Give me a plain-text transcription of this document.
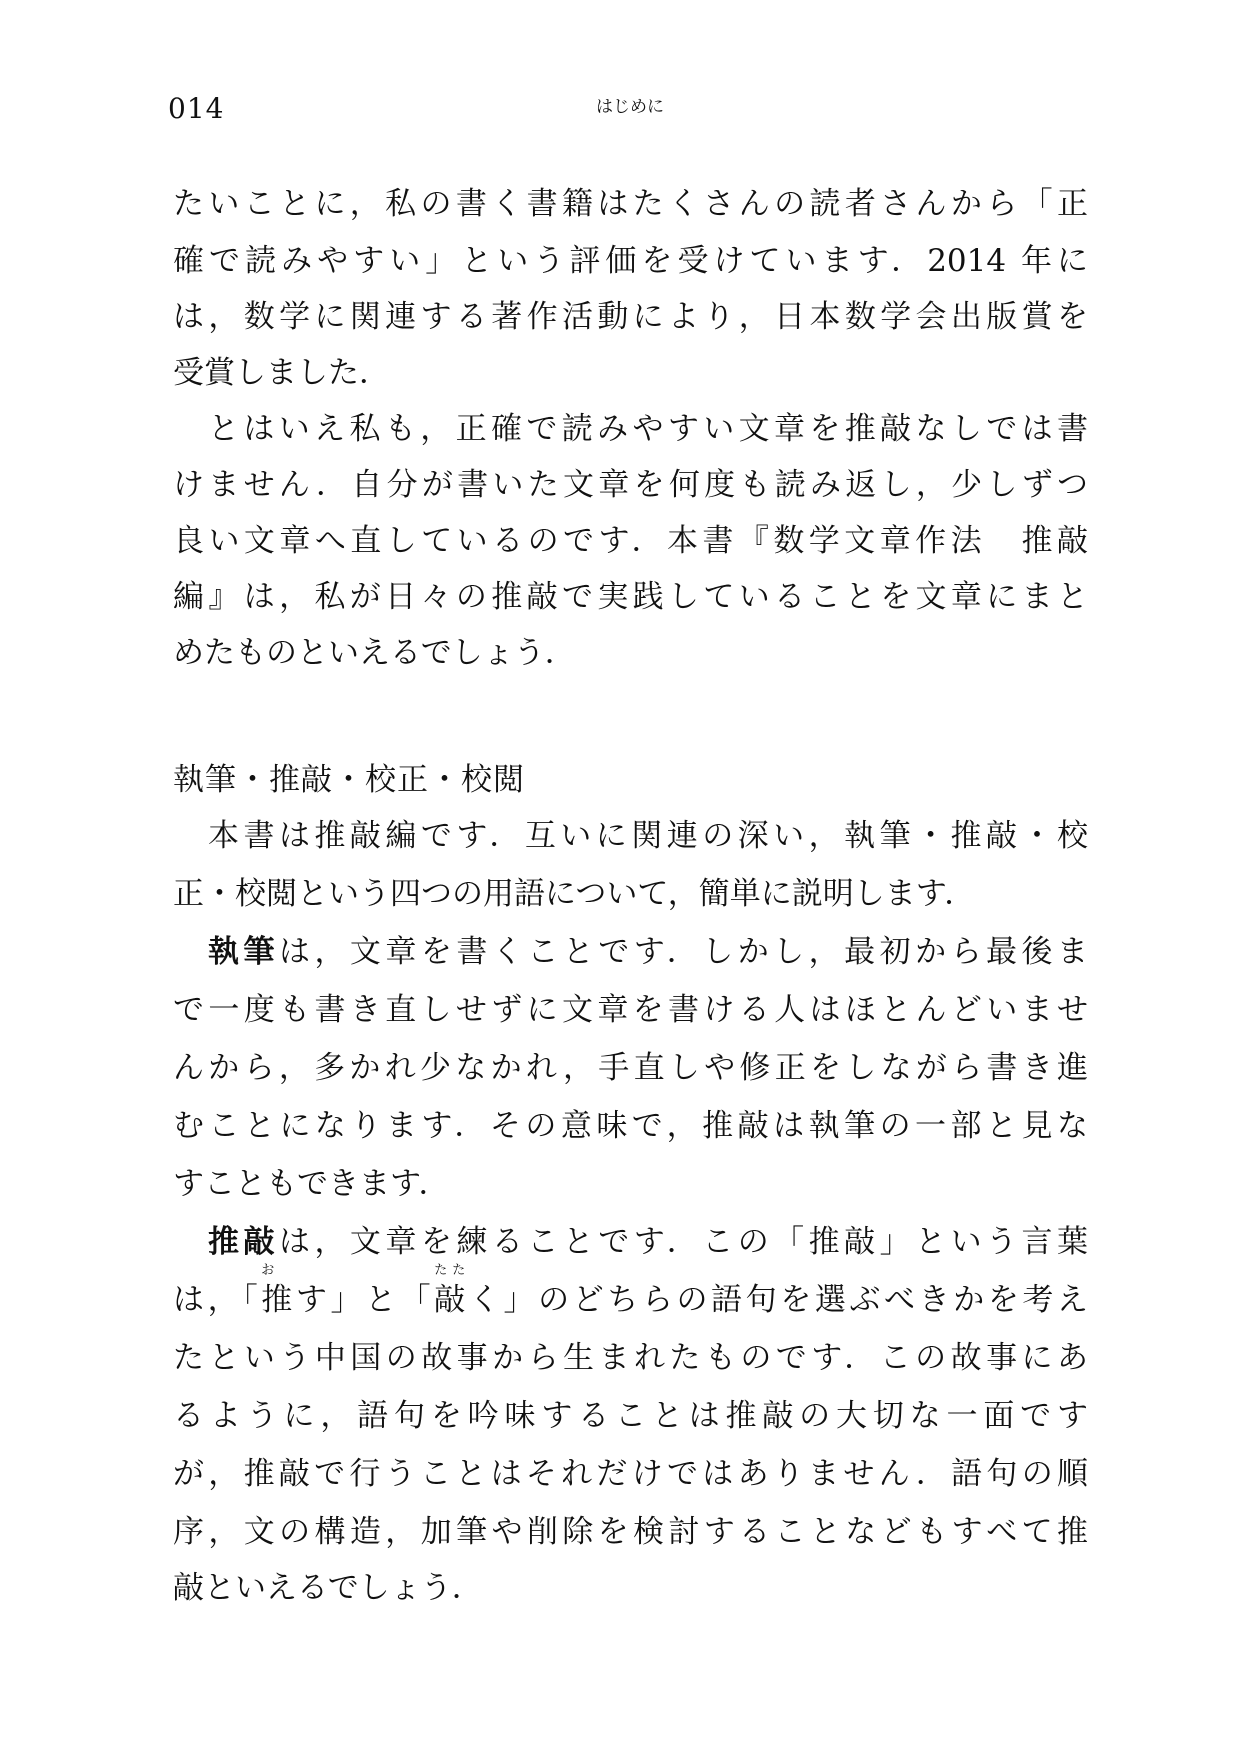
014	はじめに
たいことに，私の書く書籍はたくさんの読者さんから「正
確で読みやすい」という評価を受けています．2014 年に
は，数学に関連する著作活動により，日本数学会出版賞を
受賞しました．
とはいえ私も，正確で読みやすい文章を推敲なしでは書
けません．自分が書いた文章を何度も読み返し，少しずつ
良い文章へ直しているのです．本書『数学文章作法　推敲
編』は，私が日々の推敲で実践していることを文章にまと
めたものといえるでしょう．
執筆・推敲・校正・校閲
本書は推敲編です．互いに関連の深い，執筆・推敲・校
正・校閲という四つの用語について，簡単に説明します．
執筆は，文章を書くことです．しかし，最初から最後ま
で一度も書き直しせずに文章を書ける人はほとんどいませ
んから，多かれ少なかれ，手直しや修正をしながら書き進
むことになります．その意味で，推敲は執筆の一部と見な
すこともできます．
推敲は，文章を練ることです．この「推敲」という言葉
は，「
お
推す」と「
たた
敲く」のどちらの語句を選ぶべきかを考え
たという中国の故事から生まれたものです．この故事にあ
るように，語句を吟味することは推敲の大切な一面です
が，推敲で行うことはそれだけではありません．語句の順
序，文の構造，加筆や削除を検討することなどもすべて推
敲といえるでしょう．
